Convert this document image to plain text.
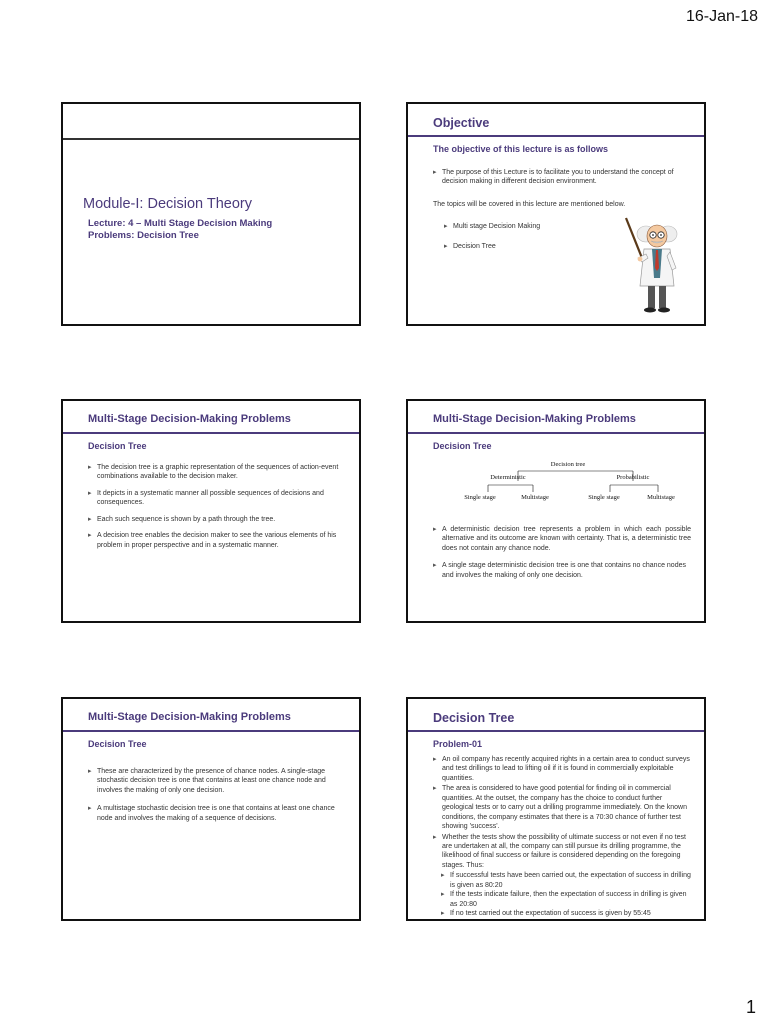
16-Jan-18
Module-I: Decision Theory
Lecture: 4 – Multi Stage Decision Making
Problems: Decision Tree
Objective
The objective of this lecture is as follows
▸ The purpose of this Lecture is to facilitate you to understand the concept of decision making in different decision environment.
The topics will be covered in this lecture are mentioned below.
▸ Multi stage Decision Making
▸ Decision Tree
Multi-Stage Decision-Making Problems
Decision Tree
▸ The decision tree is a graphic representation of the sequences of action-event combinations available to the decision maker.
▸ It depicts in a systematic manner all possible sequences of decisions and consequences.
▸ Each such sequence is shown by a path through the tree.
▸ A decision tree enables the decision maker to see the various elements of his problem in proper perspective and in a systematic manner.
Multi-Stage Decision-Making Problems
Decision Tree
Decision tree
Deterministic	Probabilistic
Single stage	Multistage	Single stage	Multistage
▸ A deterministic decision tree represents a problem in which each possible alternative and its outcome are known with certainty. That is, a deterministic tree does not contain any chance node.
▸ A single stage deterministic decision tree is one that contains no chance nodes and involves the making of only one decision.
Multi-Stage Decision-Making Problems
Decision Tree
▸ These are characterized by the presence of chance nodes. A single-stage stochastic decision tree is one that contains at least one chance node and involves the making of only one decision.
▸ A multistage stochastic decision tree is one that contains at least one chance node and involves the making of a sequence of decisions.
Decision Tree
Problem-01
▸ An oil company has recently acquired rights in a certain area to conduct surveys and test drillings to lead to lifting oil if it is found in commercially exploitable quantities.
▸ The area is considered to have good potential for finding oil in commercial quantities. At the outset, the company has the choice to conduct further geological tests or to carry out a drilling programme immediately. On the known conditions, the company estimates that there is a 70:30 chance of further test showing 'success'.
▸ Whether the tests show the possibility of ultimate success or not even if no test are undertaken at all, the company can still pursue its drilling programme, the likelihood of final success or failure is considered depending on the foregoing stages. Thus:
▸ If successful tests have been carried out, the expectation of success in drilling is given as 80:20
▸ If the tests indicate failure, then the expectation of success in drilling is given as 20:80
▸ If no test carried out the expectation of success is given by 55:45
1
